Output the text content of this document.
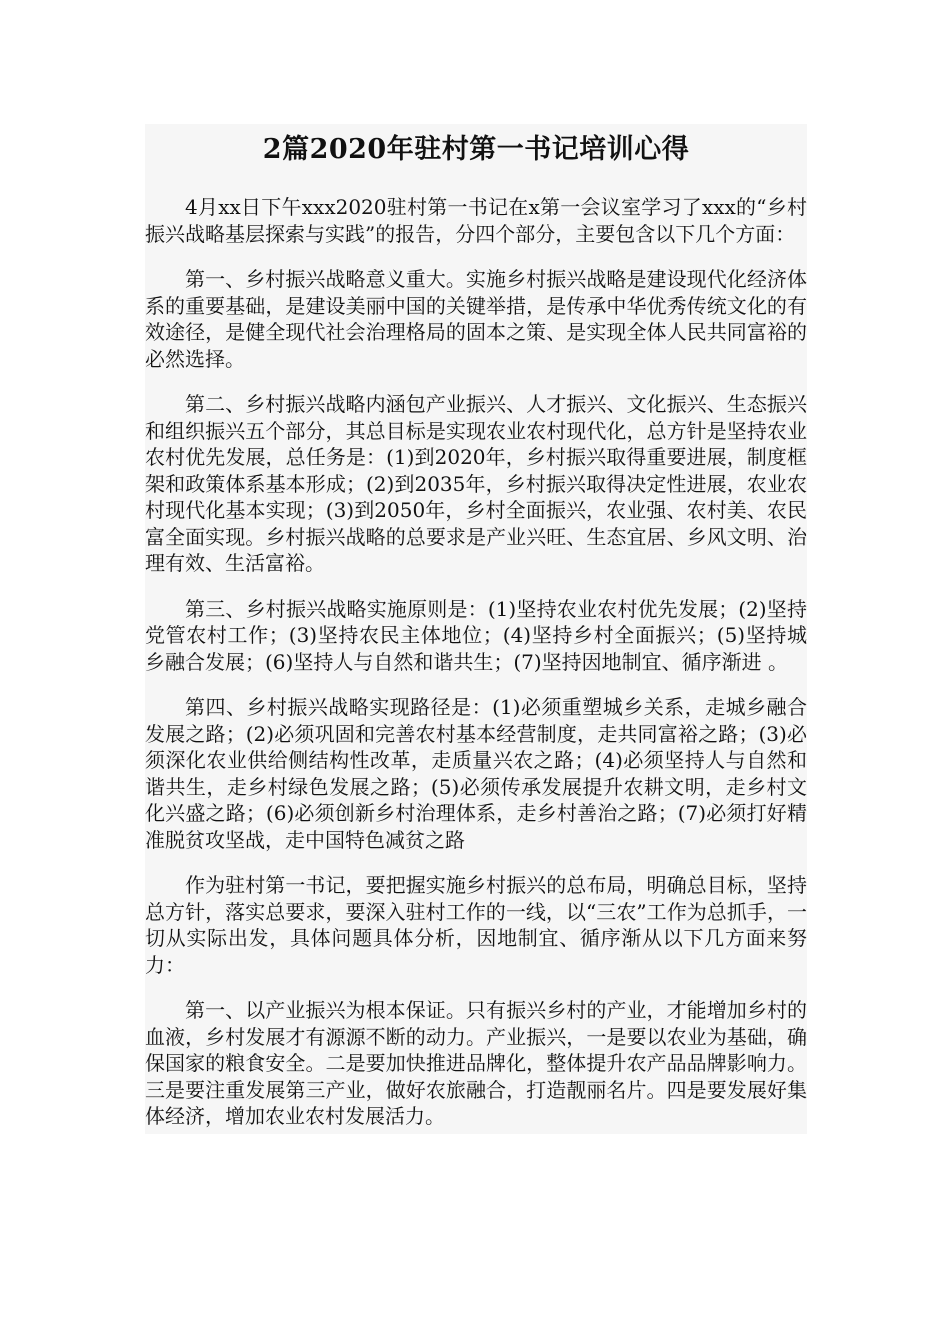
2篇2020年驻村第一书记培训心得

4月xx日下午xxx2020驻村第一书记在x第一会议室学习了xxx的“乡村振兴战略基层探索与实践”的报告，分四个部分，主要包含以下几个方面：

第一、乡村振兴战略意义重大。实施乡村振兴战略是建设现代化经济体系的重要基础，是建设美丽中国的关键举措，是传承中华优秀传统文化的有效途径，是健全现代社会治理格局的固本之策、是实现全体人民共同富裕的必然选择。

第二、乡村振兴战略内涵包产业振兴、人才振兴、文化振兴、生态振兴和组织振兴五个部分，其总目标是实现农业农村现代化，总方针是坚持农业农村优先发展，总任务是：(1)到2020年，乡村振兴取得重要进展，制度框架和政策体系基本形成；(2)到2035年，乡村振兴取得决定性进展，农业农村现代化基本实现；(3)到2050年，乡村全面振兴，农业强、农村美、农民富全面实现。乡村振兴战略的总要求是产业兴旺、生态宜居、乡风文明、治理有效、生活富裕。

第三、乡村振兴战略实施原则是：(1)坚持农业农村优先发展；(2)坚持党管农村工作；(3)坚持农民主体地位；(4)坚持乡村全面振兴；(5)坚持城乡融合发展；(6)坚持人与自然和谐共生；(7)坚持因地制宜、循序渐进 。

第四、乡村振兴战略实现路径是：(1)必须重塑城乡关系，走城乡融合发展之路；(2)必须巩固和完善农村基本经营制度，走共同富裕之路；(3)必须深化农业供给侧结构性改革，走质量兴农之路；(4)必须坚持人与自然和谐共生，走乡村绿色发展之路；(5)必须传承发展提升农耕文明，走乡村文化兴盛之路；(6)必须创新乡村治理体系，走乡村善治之路；(7)必须打好精准脱贫攻坚战，走中国特色减贫之路

作为驻村第一书记，要把握实施乡村振兴的总布局，明确总目标，坚持总方针，落实总要求，要深入驻村工作的一线，以“三农”工作为总抓手，一切从实际出发，具体问题具体分析，因地制宜、循序渐从以下几方面来努力：

第一、以产业振兴为根本保证。只有振兴乡村的产业，才能增加乡村的血液，乡村发展才有源源不断的动力。产业振兴，一是要以农业为基础，确保国家的粮食安全。二是要加快推进品牌化，整体提升农产品品牌影响力。三是要注重发展第三产业，做好农旅融合，打造靓丽名片。四是要发展好集体经济，增加农业农村发展活力。
